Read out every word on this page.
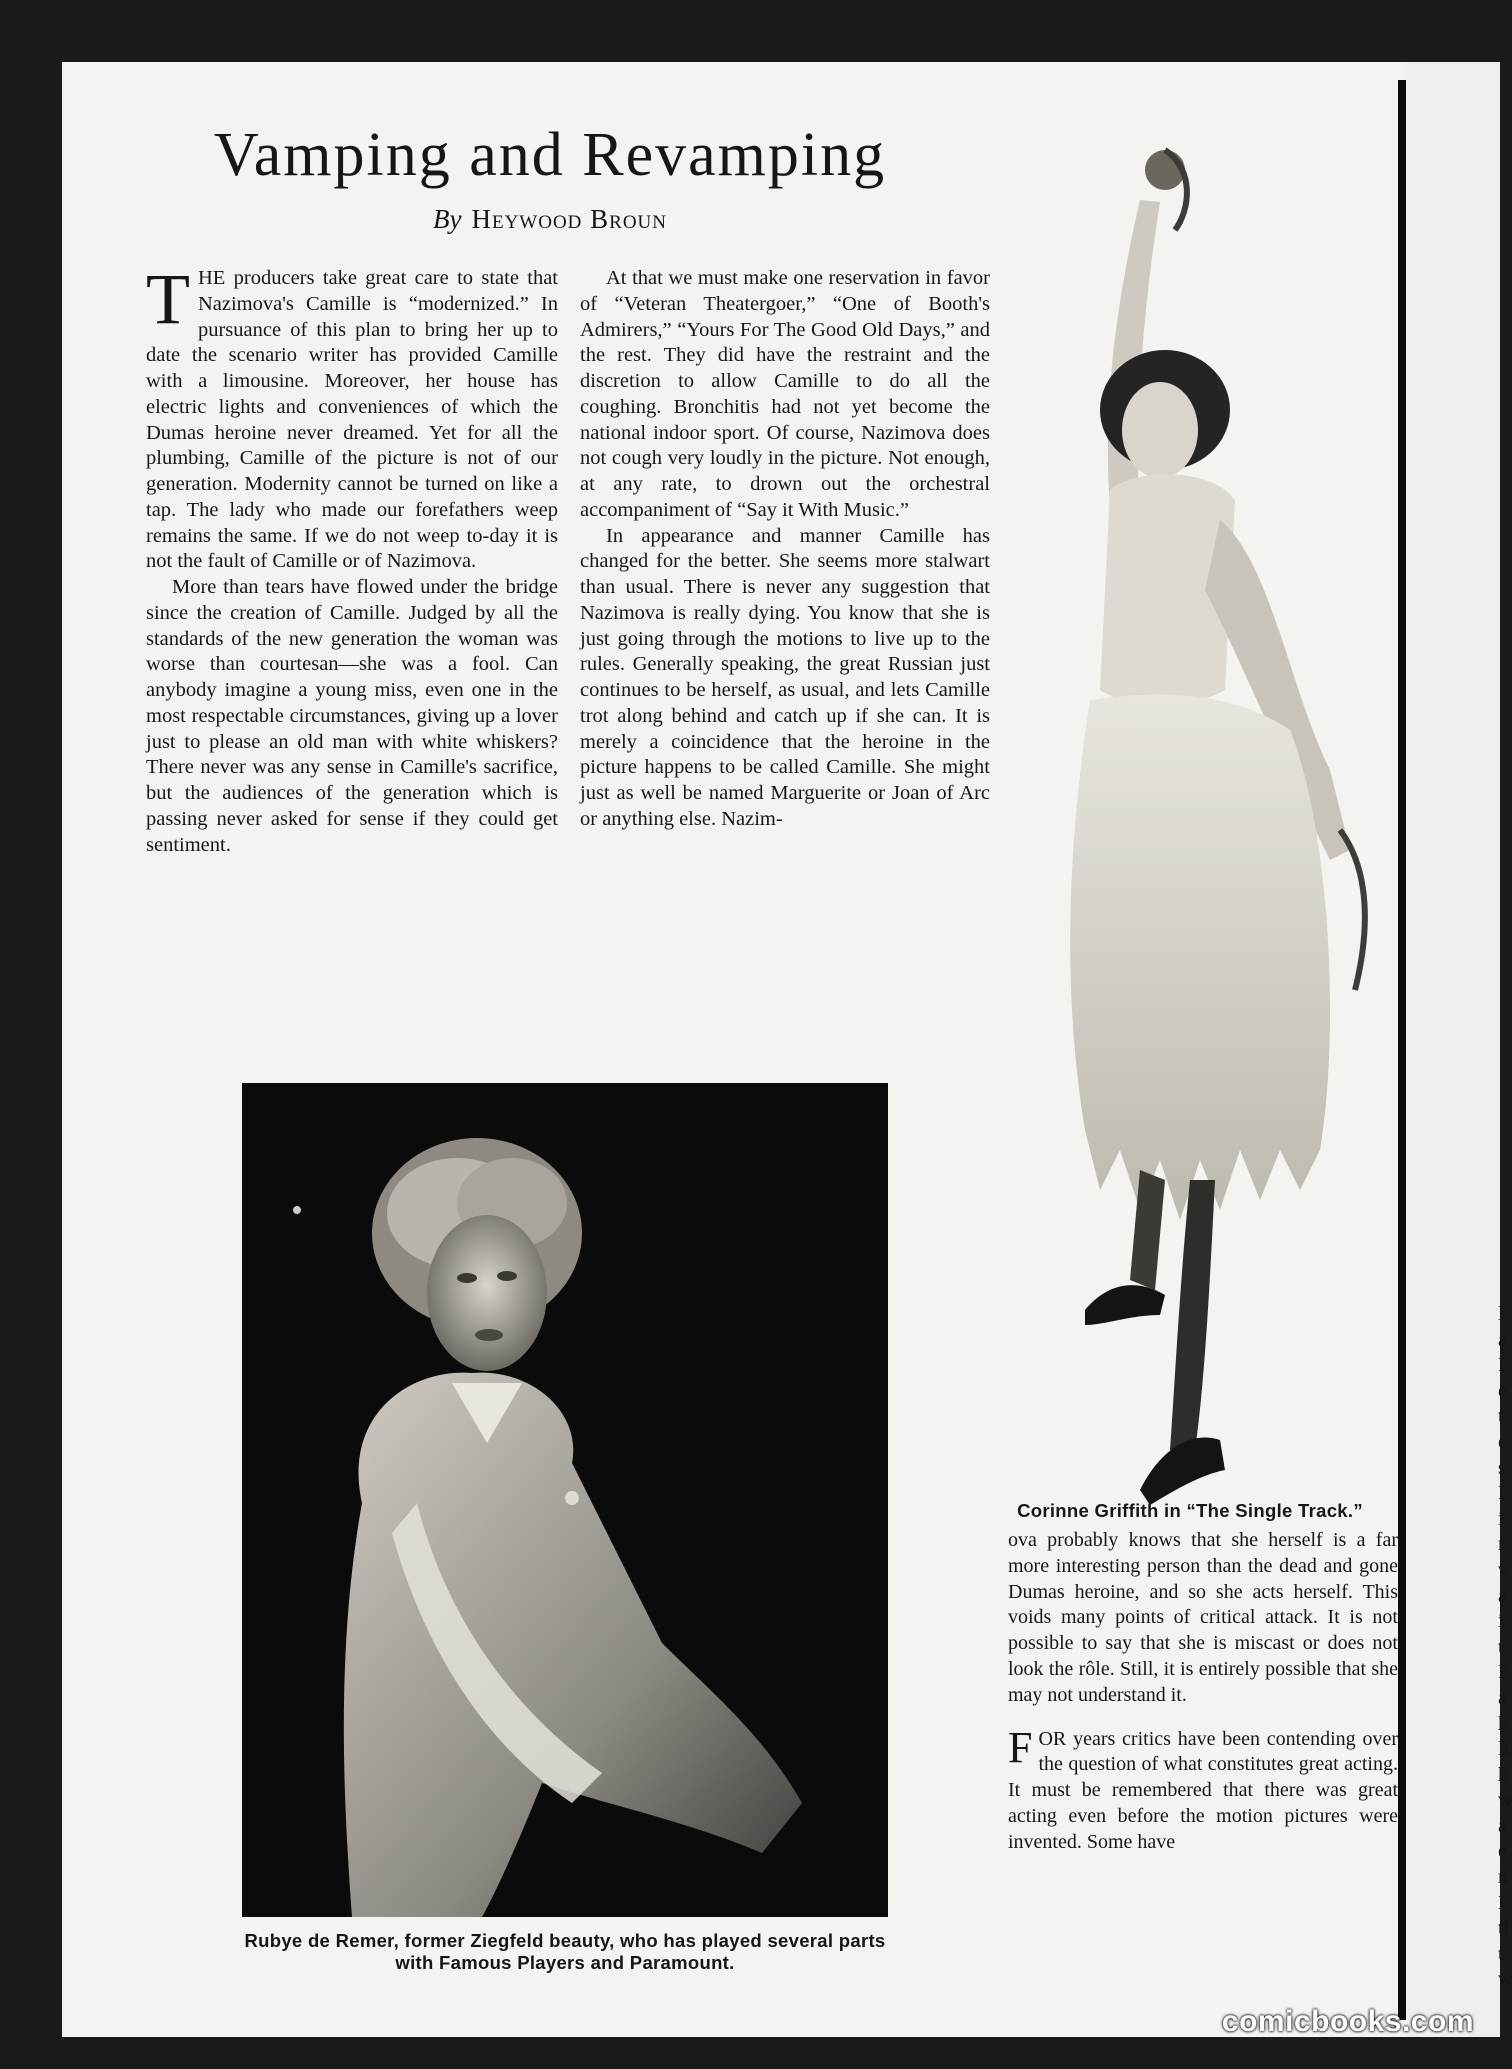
Vamping and Revamping
By Heywood Broun

THE producers take great care to state that Nazimova's Camille is “modernized.” In pursuance of this plan to bring her up to date the scenario writer has provided Camille with a limousine. Moreover, her house has electric lights and conveniences of which the Dumas heroine never dreamed. Yet for all the plumbing, Camille of the picture is not of our generation. Modernity cannot be turned on like a tap. The lady who made our forefathers weep remains the same. If we do not weep to-day it is not the fault of Camille or of Nazimova.

More than tears have flowed under the bridge since the creation of Camille. Judged by all the standards of the new generation the woman was worse than courtesan—she was a fool. Can anybody imagine a young miss, even one in the most respectable circumstances, giving up a lover just to please an old man with white whiskers? There never was any sense in Camille's sacrifice, but the audiences of the generation which is passing never asked for sense if they could get sentiment.

At that we must make one reservation in favor of “Veteran Theatergoer,” “One of Booth's Admirers,” “Yours For The Good Old Days,” and the rest. They did have the restraint and the discretion to allow Camille to do all the coughing. Bronchitis had not yet become the national indoor sport. Of course, Nazimova does not cough very loudly in the picture. Not enough, at any rate, to drown out the orchestral accompaniment of “Say it With Music.”

In appearance and manner Camille has changed for the better. She seems more stalwart than usual. There is never any suggestion that Nazimova is really dying. You know that she is just going through the motions to live up to the rules. Generally speaking, the great Russian just continues to be herself, as usual, and lets Camille trot along behind and catch up if she can. It is merely a coincidence that the heroine in the picture happens to be called Camille. She might just as well be named Marguerite or Joan of Arc or anything else. Nazim-

Rubye de Remer, former Ziegfeld beauty, who has played several parts with Famous Players and Paramount.
Corinne Griffith in “The Single Track.”

ova probably knows that she herself is a far more interesting person than the dead and gone Dumas heroine, and so she acts herself. This voids many points of critical attack. It is not possible to say that she is miscast or does not look the rôle. Still, it is entirely possible that she may not understand it.

FOR years critics have been contending over the question of what constitutes great acting. It must be remembered that there was great acting even before the motion pictures were invented. Some have

l
a
I
e
t
c
s
I
i
r
v
a
i
t
F
a
h
li
h
w
a
e
n
L
tl
t
w
comicbooks.com
